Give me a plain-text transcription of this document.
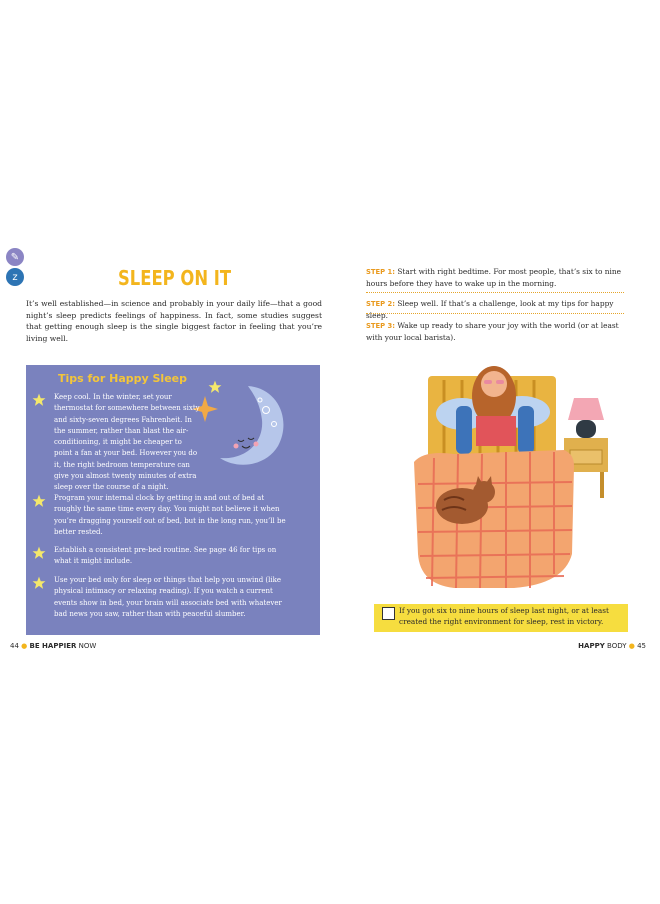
✎
z	SLEEP ON IT
It’s well established—in science and probably in your daily life—that a good night’s sleep predicts feelings of happiness. In fact, some studies suggest that getting enough sleep is the single biggest factor in feeling that you’re living well.
Tips for Happy Sleep
Keep cool. In the winter, set your thermostat for somewhere between sixty and sixty-seven degrees Fahrenheit. In the summer, rather than blast the air-conditioning, it might be cheaper to point a fan at your bed. However you do it, the right bedroom temperature can give you almost twenty minutes of extra sleep over the course of a night.
Program your internal clock by getting in and out of bed at roughly the same time every day. You might not believe it when you’re dragging yourself out of bed, but in the long run, you’ll be better rested.
Establish a consistent pre-bed routine. See page 46 for tips on what it might include.
Use your bed only for sleep or things that help you unwind (like physical intimacy or relaxing reading). If you watch a current events show in bed, your brain will associate bed with whatever bad news you saw, rather than with peaceful slumber.
44 ● BE HAPPIER NOW
STEP 1: Start with right bedtime. For most people, that’s six to nine hours before they have to wake up in the morning.
STEP 2: Sleep well. If that’s a challenge, look at my tips for happy sleep.
STEP 3: Wake up ready to share your joy with the world (or at least with your local barista).
If you got six to nine hours of sleep last night, or at least created the right environment for sleep, rest in victory.
HAPPY BODY ● 45
